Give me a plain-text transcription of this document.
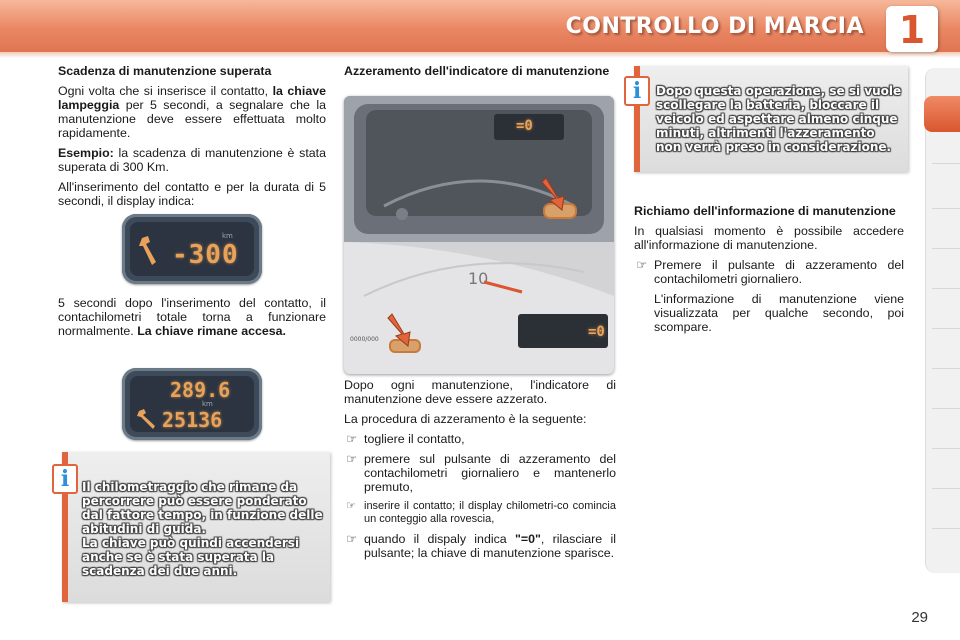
CONTROLLO DI MARCIA 1
Scadenza di manutenzione superata
Ogni volta che si inserisce il contatto, la chiave lampeggia per 5 secondi, a segnalare che la manutenzione deve essere effettuata molto rapidamente.
Esempio: la scadenza di manutenzione è stata superata di 300 Km.
All'inserimento del contatto e per la durata di 5 secondi, il display indica:
km
-300
5 secondi dopo l'inserimento del contatto, il contachilometri totale torna a funzionare normalmente. La chiave rimane accesa.
289.6
km
25136
Il chilometraggio che rimane da percorrere può essere ponderato dal fattore tempo, in funzione delle abitudini di guida.
La chiave può quindi accendersi anche se è stata superata la scadenza dei due anni.
i
Azzeramento dell'indicatore di manutenzione
10
=0
=0
0000/000
Dopo ogni manutenzione, l'indicatore di manutenzione deve essere azzerato.
La procedura di azzeramento è la seguente:
☞ togliere il contatto,
☞ premere sul pulsante di azzeramento del contachilometri giornaliero e mantenerlo premuto,
☞ inserire il contatto; il display chilometri-co comincia un conteggio alla rovescia,
☞ quando il dispaly indica "=0", rilasciare il pulsante; la chiave di manutenzione sparisce.
Dopo questa operazione, se si vuole scollegare la batteria, bloccare il veicolo ed aspettare almeno cinque minuti, altrimenti l'azzeramento non verrà preso in considerazione.
i
Richiamo dell'informazione di manutenzione
In qualsiasi momento è possibile accedere all'informazione di manutenzione.
☞ Premere il pulsante di azzeramento del contachilometri giornaliero.
L'informazione di manutenzione viene visualizzata per qualche secondo, poi scompare.
29
